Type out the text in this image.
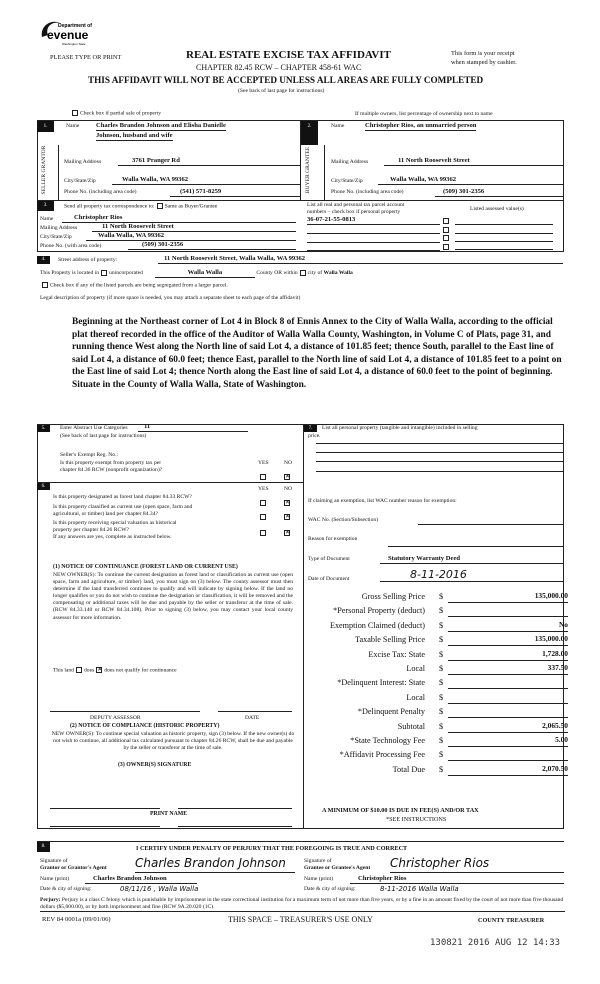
Department of
evenue
Washington State
PLEASE TYPE OR PRINT	REAL ESTATE EXCISE TAX AFFIDAVIT
CHAPTER 82.45 RCW – CHAPTER 458-61 WAC
This form is your receipt
when stamped by cashier.
THIS AFFIDAVIT WILL NOT BE ACCEPTED UNLESS ALL AREAS ARE FULLY COMPLETED
(See back of last page for instructions)
Check box if partial sale of property	If multiple owners, list percentage of ownership next to name
1.
SELLER GRANTOR
Name	Charles Brandon Johnson and Elisha Danielle
Johnson, husband and wife
Mailing Address	3761 Pranger Rd
City/State/Zip	Walla Walla, WA 99362
Phone No. (including area code)	(541) 571-8259
2.
BUYER GRANTEE
Name	Christopher Rios, an unmarried person
Mailing Address	11 North Roosevelt Street
City/State/Zip	Walla Walla, WA 99362
Phone No. (including area code)	(509) 301-2356
3.	Send all property tax correspondence to: Same as Buyer/Grantee
Name	Christopher Rios
Mailing Address	11 North Roosevelt Street
City/State/Zip	Walla Walla, WA 99362
Phone No. (with area code)	(509) 301-2356
List all real and personal tax parcel account
numbers – check box if personal property	Listed assessed value(s)
36-07-21-55-0813

4.	Street address of property:	11 North Roosevelt Street, Walla Walla, WA 99362
This Property is located in unincorporated	Walla Walla	County OR within city of Walla Walla
Check box if any of the listed parcels are being segregated from a larger parcel.
Legal description of property (if more space is needed, you may attach a separate sheet to each page of the affidavit)
Beginning at the Northeast corner of Lot 4 in Block 8 of Ennis Annex to the City of Walla Walla, according to the official plat thereof recorded in the office of the Auditor of Walla Walla County, Washington, in Volume C of Plats, page 31, and running thence West along the North line of said Lot 4, a distance of 101.85 feet; thence South, parallel to the East line of said Lot 4, a distance of 60.0 feet; thence East, parallel to the North line of said Lot 4, a distance of 101.85 feet to a point on the East line of said Lot 4; thence North along the East line of said Lot 4, a distance of 60.0 feet to the point of beginning.
Situate in the County of Walla Walla, State of Washington.
5.	Enter Abstract Use Categories	11
(See back of last page for instructions)
Seller's Exempt Reg. No.:
Is this property exempt from property tax per
chapter 84.36 RCW (nonprofit organization)?
YES	NO
✕
6.	YES	NO
Is this property designated as forest land chapter 84.33 RCW?
Is this property classified as current use (open space, farm and
agricultural, or timber) land per chapter 84.34?
Is this property receiving special valuation as historical
property per chapter 84.26 RCW?
If any answers are yes, complete as instructed below.
✕
✕
✕
(1) NOTICE OF CONTINUANCE (FOREST LAND OR CURRENT USE)
NEW OWNER(S): To continue the current designation as forest land or classification as current use (open space, farm and agriculture, or timber) land, you must sign on (3) below. The county assessor must then determine if the land transferred continues to qualify and will indicate by signing below. If the land no longer qualifies or you do not wish to continue the designation or classification, it will be removed and the compensating or additional taxes will be due and payable by the seller or transferor at the time of sale. (RCW 84.33.140 or RCW 84.34.108). Prior to signing (3) below, you may contact your local county assessor for more information.
This land does ✕ does not qualify for continuance
DEPUTY ASSESSOR	DATE
(2) NOTICE OF COMPLIANCE (HISTORIC PROPERTY)
NEW OWNER(S): To continue special valuation as historic property, sign (3) below. If the new owner(s) do not wish to continue, all additional tax calculated pursuant to chapter 84.26 RCW, shall be due and payable by the seller or transferor at the time of sale.
(3) OWNER(S) SIGNATURE
PRINT NAME
7.	List all personal property (tangible and intangible) included in selling
price.
If claiming an exemption, list WAC number reason for exemption:
WAC No. (Section/Subsection)
Reason for exemption
Type of Document	Statutory Warranty Deed
Date of Document	8-11-2016
Gross Selling Price $	135,000.00
*Personal Property (deduct) $
Exemption Claimed (deduct) $	No
Taxable Selling Price $	135,000.00
Excise Tax: State $	1,728.00
Local $	337.50
*Delinquent Interest: State $
Local $
*Delinquent Penalty $
Subtotal $	2,065.50
*State Technology Fee $	5.00
*Affidavit Processing Fee $
Total Due $	2,070.50
A MINIMUM OF $10.00 IS DUE IN FEE(S) AND/OR TAX
*SEE INSTRUCTIONS
8.	I CERTIFY UNDER PENALTY OF PERJURY THAT THE FOREGOING IS TRUE AND CORRECT
Signature of
Grantor or Grantor's Agent Charles Brandon Johnson
Name (print)	Charles Brandon Johnson
Date & city of signing:	08/11/16 , Walla Walla
Signature of
Grantee or Grantee's Agent Christopher Rios
Name (print)	Christopher Rios
Date & city of signing:	8-11-2016 Walla Walla
Perjury: Perjury is a class C felony which is punishable by imprisonment in the state correctional institution for a maximum term of not more than five years, or by a fine in an amount fixed by the court of not more than five thousand dollars ($5,000.00), or by both imprisonment and fine (RCW 9A.20.020 (1C).
REV 84 0001a (09/01/06)	THIS SPACE – TREASURER'S USE ONLY	COUNTY TREASURER
130821 2016 AUG 12 14:33
